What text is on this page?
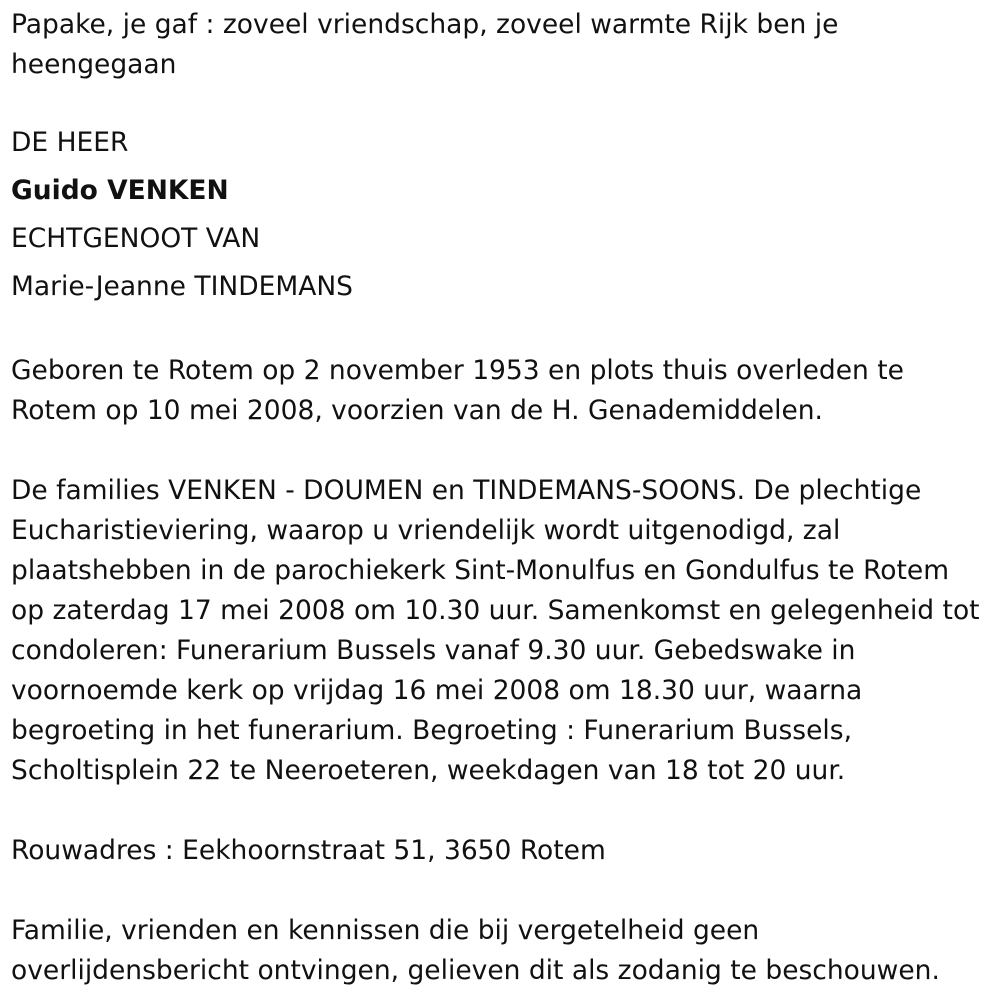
Papake, je gaf : zoveel vriendschap, zoveel warmte Rijk ben je heengegaan

DE HEER

Guido VENKEN

ECHTGENOOT VAN

Marie-Jeanne TINDEMANS

Geboren te Rotem op 2 november 1953 en plots thuis overleden te Rotem op 10 mei 2008, voorzien van de H. Genademiddelen.

De families VENKEN - DOUMEN en TINDEMANS-SOONS. De plechtige Eucharistieviering, waarop u vriendelijk wordt uitgenodigd, zal plaatshebben in de parochiekerk Sint-Monulfus en Gondulfus te Rotem op zaterdag 17 mei 2008 om 10.30 uur. Samenkomst en gelegenheid tot condoleren: Funerarium Bussels vanaf 9.30 uur. Gebedswake in voornoemde kerk op vrijdag 16 mei 2008 om 18.30 uur, waarna begroeting in het funerarium. Begroeting : Funerarium Bussels, Scholtisplein 22 te Neeroeteren, weekdagen van 18 tot 20 uur.

Rouwadres : Eekhoornstraat 51, 3650 Rotem

Familie, vrienden en kennissen die bij vergetelheid geen overlijdensbericht ontvingen, gelieven dit als zodanig te beschouwen.
